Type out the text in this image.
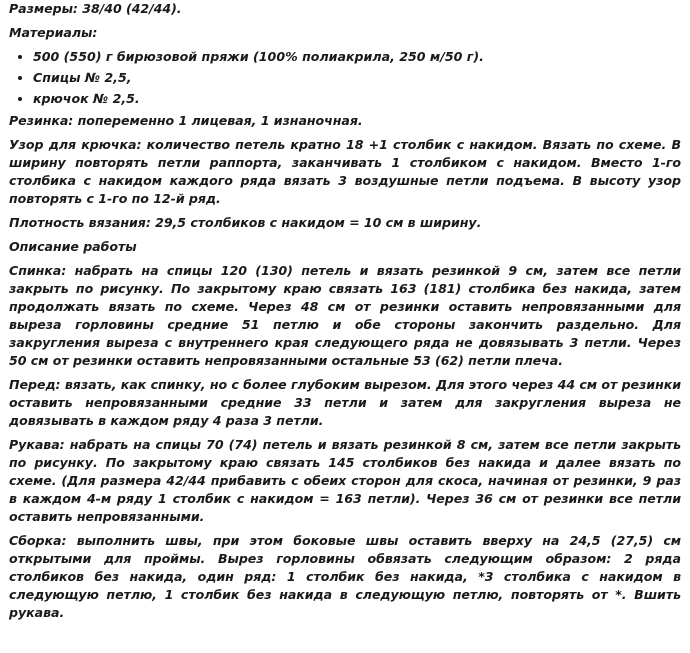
Размеры: 38/40 (42/44).

Материалы:

• 500 (550) г бирюзовой пряжи (100% полиакрила, 250 м/50 г).
• Спицы № 2,5,
• крючок № 2,5.

Резинка: попеременно 1 лицевая, 1 изнаночная.

Узор для крючка: количество петель кратно 18 +1 столбик с накидом. Вязать по схеме. В ширину повторять петли раппорта, заканчивать 1 столбиком с накидом. Вместо 1-го столбика с накидом каждого ряда вязать 3 воздушные петли подъема. В высоту узор повторять с 1-го по 12-й ряд.

Плотность вязания: 29,5 столбиков с накидом = 10 см в ширину.

Описание работы

Спинка: набрать на спицы 120 (130) петель и вязать резинкой 9 см, затем все петли закрыть по рисунку. По закрытому краю связать 163 (181) столбика без накида, затем продолжать вязать по схеме. Через 48 см от резинки оставить непровязанными для выреза горловины средние 51 петлю и обе стороны закончить раздельно. Для закругления выреза с внутреннего края следующего ряда не довязывать 3 петли. Через 50 см от резинки оставить непровязанными остальные 53 (62) петли плеча.

Перед: вязать, как спинку, но с более глубоким вырезом. Для этого через 44 см от резинки оставить непровязанными средние 33 петли и затем для закругления выреза не довязывать в каждом ряду 4 раза 3 петли.

Рукава: набрать на спицы 70 (74) петель и вязать резинкой 8 см, затем все петли закрыть по рисунку. По закрытому краю связать 145 столбиков без накида и далее вязать по схеме. (Для размера 42/44 прибавить с обеих сторон для скоса, начиная от резинки, 9 раз в каждом 4-м ряду 1 столбик с накидом = 163 петли). Через 36 см от резинки все петли оставить непровязанными.

Сборка: выполнить швы, при этом боковые швы оставить вверху на 24,5 (27,5) см открытыми для проймы. Вырез горловины обвязать следующим образом: 2 ряда столбиков без накида, один ряд: 1 столбик без накида, *3 столбика с накидом в следующую петлю, 1 столбик без накида в следующую петлю, повторять от *. Вшить рукава.
